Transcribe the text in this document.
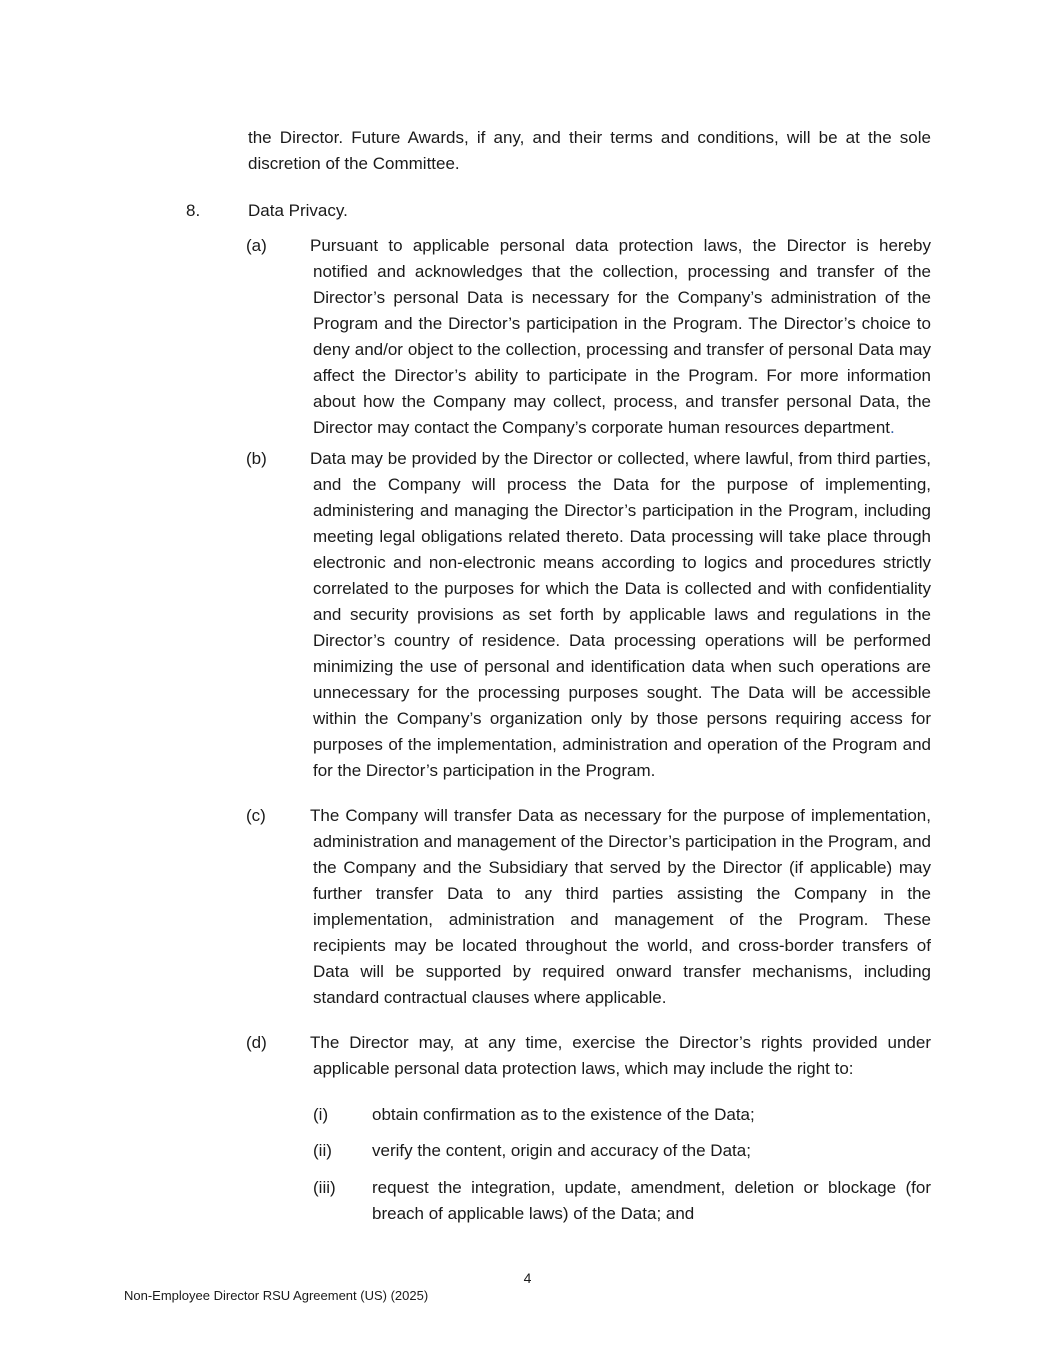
the Director. Future Awards, if any, and their terms and conditions, will be at the sole discretion of the Committee.

8.	Data Privacy.
(a)	Pursuant to applicable personal data protection laws, the Director is hereby notified and acknowledges that the collection, processing and transfer of the Director’s personal Data is necessary for the Company’s administration of the Program and the Director’s participation in the Program. The Director’s choice to deny and/or object to the collection, processing and transfer of personal Data may affect the Director’s ability to participate in the Program. For more information about how the Company may collect, process, and transfer personal Data, the Director may contact the Company’s corporate human resources department.

(b)	Data may be provided by the Director or collected, where lawful, from third parties, and the Company will process the Data for the purpose of implementing, administering and managing the Director’s participation in the Program, including meeting legal obligations related thereto. Data processing will take place through electronic and non-electronic means according to logics and procedures strictly correlated to the purposes for which the Data is collected and with confidentiality and security provisions as set forth by applicable laws and regulations in the Director’s country of residence. Data processing operations will be performed minimizing the use of personal and identification data when such operations are unnecessary for the processing purposes sought. The Data will be accessible within the Company’s organization only by those persons requiring access for purposes of the implementation, administration and operation of the Program and for the Director’s participation in the Program.

(c)	The Company will transfer Data as necessary for the purpose of implementation, administration and management of the Director’s participation in the Program, and the Company and the Subsidiary that served by the Director (if applicable) may further transfer Data to any third parties assisting the Company in the implementation, administration and management of the Program. These recipients may be located throughout the world, and cross-border transfers of Data will be supported by required onward transfer mechanisms, including standard contractual clauses where applicable.

(d)	The Director may, at any time, exercise the Director’s rights provided under applicable personal data protection laws, which may include the right to:

(i)	obtain confirmation as to the existence of the Data;

(ii) verify the content, origin and accuracy of the Data;

(iii) request the integration, update, amendment, deletion or blockage (for breach of applicable laws) of the Data; and

4
Non-Employee Director RSU Agreement (US) (2025)
